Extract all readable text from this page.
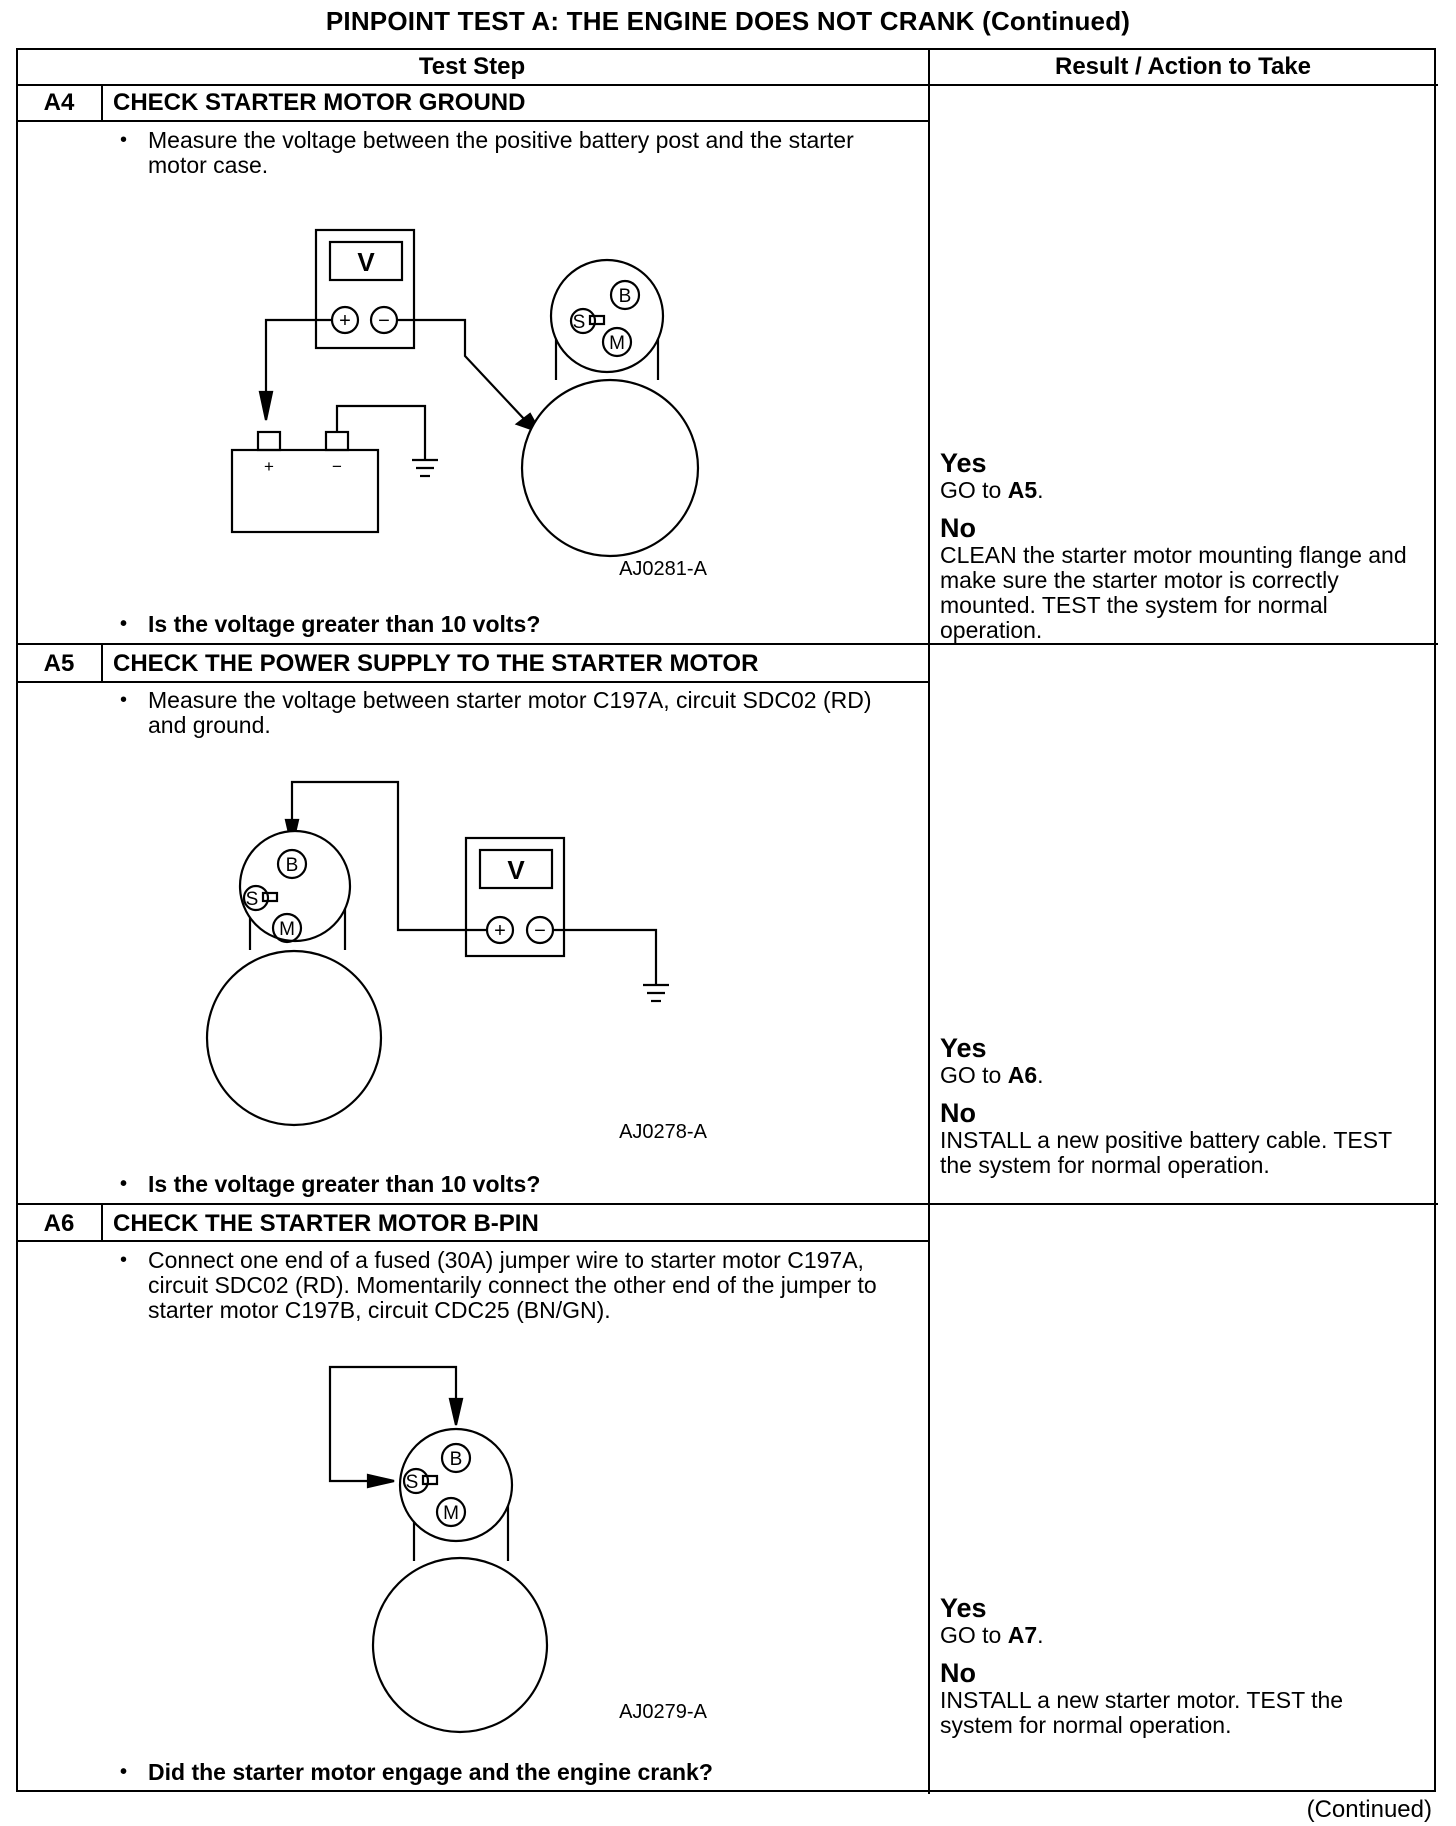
PINPOINT TEST A: THE ENGINE DOES NOT CRANK (Continued)
Test Step	Result / Action to Take
A4	CHECK STARTER MOTOR GROUND
• Measure the voltage between the positive battery post and the starter motor case.
V
+ −
+	−
B
S
M
AJ0281-A
• Is the voltage greater than 10 volts?
Yes
GO to A5.
No
CLEAN the starter motor mounting flange and make sure the starter motor is correctly mounted. TEST the system for normal operation.
A5	CHECK THE POWER SUPPLY TO THE STARTER MOTOR
• Measure the voltage between starter motor C197A, circuit SDC02 (RD) and ground.
V
+ −
B
S
M
AJ0278-A
• Is the voltage greater than 10 volts?
Yes
GO to A6.
No
INSTALL a new positive battery cable. TEST the system for normal operation.
A6	CHECK THE STARTER MOTOR B-PIN
• Connect one end of a fused (30A) jumper wire to starter motor C197A, circuit SDC02 (RD). Momentarily connect the other end of the jumper to starter motor C197B, circuit CDC25 (BN/GN).
B
S
M
AJ0279-A
• Did the starter motor engage and the engine crank?
Yes
GO to A7.
No
INSTALL a new starter motor. TEST the system for normal operation.
(Continued)
